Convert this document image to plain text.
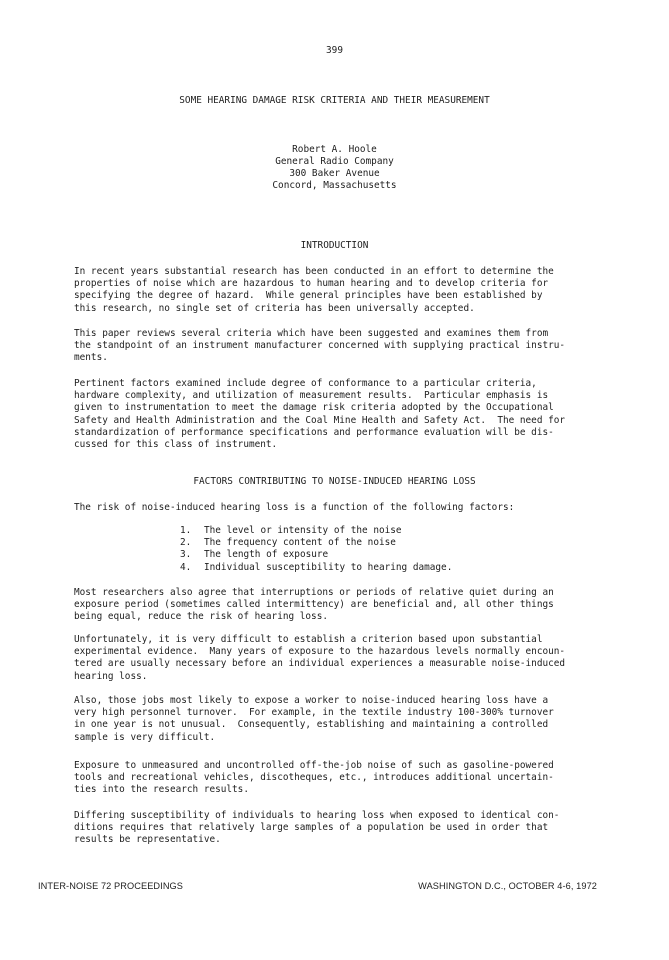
399
SOME HEARING DAMAGE RISK CRITERIA AND THEIR MEASUREMENT
Robert A. Hoole
General Radio Company
300 Baker Avenue
Concord, Massachusetts
INTRODUCTION
In recent years substantial research has been conducted in an effort to determine the
properties of noise which are hazardous to human hearing and to develop criteria for
specifying the degree of hazard.  While general principles have been established by
this research, no single set of criteria has been universally accepted.
This paper reviews several criteria which have been suggested and examines them from
the standpoint of an instrument manufacturer concerned with supplying practical instru-
ments.
Pertinent factors examined include degree of conformance to a particular criteria,
hardware complexity, and utilization of measurement results.  Particular emphasis is
given to instrumentation to meet the damage risk criteria adopted by the Occupational
Safety and Health Administration and the Coal Mine Health and Safety Act.  The need for
standardization of performance specifications and performance evaluation will be dis-
cussed for this class of instrument.
FACTORS CONTRIBUTING TO NOISE-INDUCED HEARING LOSS
The risk of noise-induced hearing loss is a function of the following factors:
1. The level or intensity of the noise
2. The frequency content of the noise
3. The length of exposure
4. Individual susceptibility to hearing damage.
Most researchers also agree that interruptions or periods of relative quiet during an
exposure period (sometimes called intermittency) are beneficial and, all other things
being equal, reduce the risk of hearing loss.
Unfortunately, it is very difficult to establish a criterion based upon substantial
experimental evidence.  Many years of exposure to the hazardous levels normally encoun-
tered are usually necessary before an individual experiences a measurable noise-induced
hearing loss.
Also, those jobs most likely to expose a worker to noise-induced hearing loss have a
very high personnel turnover.  For example, in the textile industry 100-300% turnover
in one year is not unusual.  Consequently, establishing and maintaining a controlled
sample is very difficult.
Exposure to unmeasured and uncontrolled off-the-job noise of such as gasoline-powered
tools and recreational vehicles, discotheques, etc., introduces additional uncertain-
ties into the research results.
Differing susceptibility of individuals to hearing loss when exposed to identical con-
ditions requires that relatively large samples of a population be used in order that
results be representative.
INTER-NOISE 72 PROCEEDINGS	WASHINGTON D.C., OCTOBER 4-6, 1972
